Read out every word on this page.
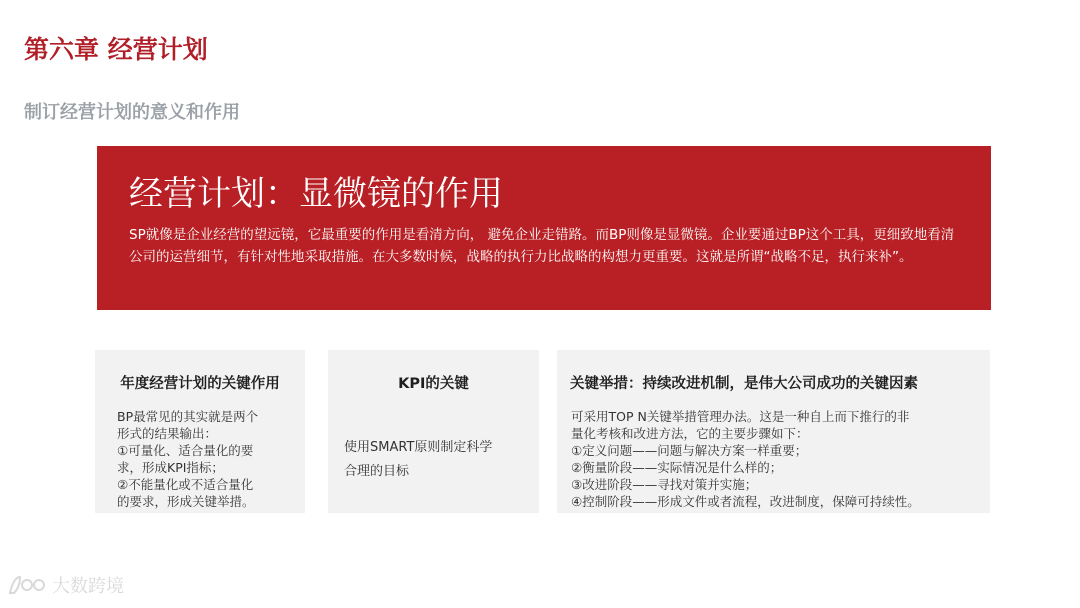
第六章 经营计划
制订经营计划的意义和作用
经营计划：显微镜的作用
SP就像是企业经营的望远镜，它最重要的作用是看清方向， 避免企业走错路。而BP则像是显微镜。企业要通过BP这个工具，更细致地看清公司的运营细节，有针对性地采取措施。在大多数时候，战略的执行力比战略的构想力更重要。这就是所谓“战略不足，执行来补”。
年度经营计划的关键作用
BP最常见的其实就是两个
形式的结果输出：
①可量化、适合量化的要
求，形成KPI指标；
②不能量化或不适合量化
的要求，形成关键举措。
KPI的关键
使用SMART原则制定科学
合理的目标
关键举措：持续改进机制，是伟大公司成功的关键因素
可采用TOP N关键举措管理办法。这是一种自上而下推行的非
量化考核和改进方法，它的主要步骤如下：
①定义问题——问题与解决方案一样重要；
②衡量阶段——实际情况是什么样的；
③改进阶段——寻找对策并实施；
④控制阶段——形成文件或者流程，改进制度，保障可持续性。
大数跨境
